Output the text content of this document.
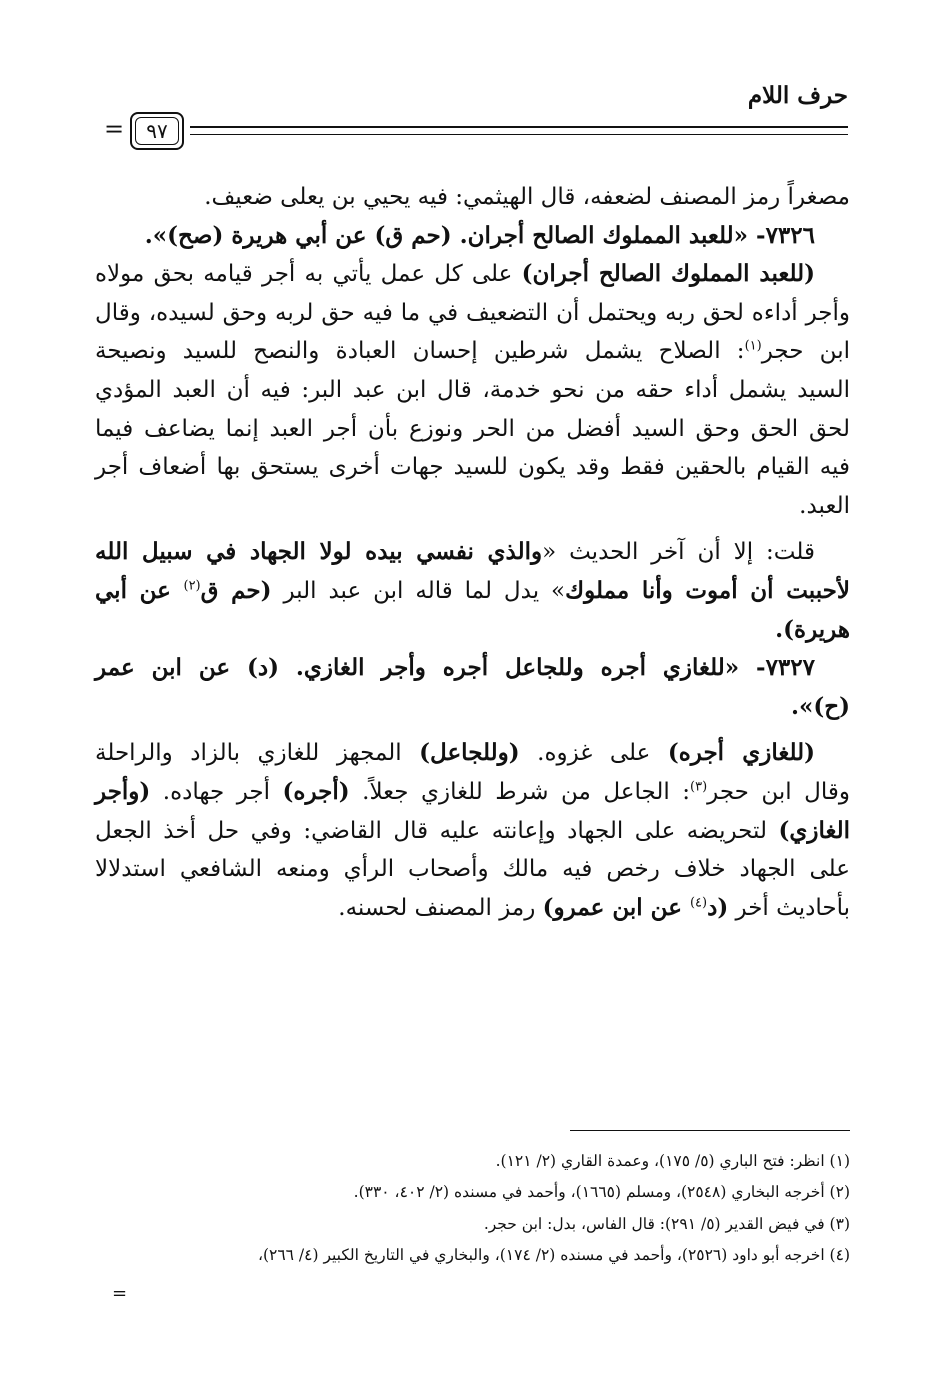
حرف اللام
٩٧
=
مصغراً رمز المصنف لضعفه، قال الهيثمي: فيه يحيي بن يعلى ضعيف.
٧٣٢٦- «للعبد المملوك الصالح أجران. (حم ق) عن أبي هريرة (صح)».
(للعبد المملوك الصالح أجران) على كل عمل يأتي به أجر قيامه بحق مولاه
وأجر أداءه لحق ربه ويحتمل أن التضعيف في ما فيه حق لربه وحق لسيده، وقال
ابن حجر$^{(١)}$: الصلاح يشمل شرطين إحسان العبادة والنصح للسيد ونصيحة
السيد يشمل أداء حقه من نحو خدمة، قال ابن عبد البر: فيه أن العبد المؤدي
لحق الحق وحق السيد أفضل من الحر ونوزع بأن أجر العبد إنما يضاعف فيما
فيه القيام بالحقين فقط وقد يكون للسيد جهات أخرى يستحق بها أضعاف أجر
العبد.
قلت: إلا أن آخر الحديث «والذي نفسي بيده لولا الجهاد في سبيل الله
لأحببت أن أموت وأنا مملوك» يدل لما قاله ابن عبد البر (حم ق$^{(٢)}$ عن أبي
هريرة).
٧٣٢٧- «للغازي أجره وللجاعل أجره وأجر الغازي. (د) عن ابن عمر
(ح)».
(للغازي أجره) على غزوه. (وللجاعل) المجهز للغازي بالزاد والراحلة
وقال ابن حجر$^{(٣)}$: الجاعل من شرط للغازي جعلاً. (أجره) أجر جهاده. (وأجر
الغازي) لتحريضه على الجهاد وإعانته عليه قال القاضي: وفي حل أخذ الجعل
على الجهاد خلاف رخص فيه مالك وأصحاب الرأي ومنعه الشافعي استدلالا
بأحاديث أخر (د$^{(٤)}$ عن ابن عمرو) رمز المصنف لحسنه.
(١) انظر: فتح الباري (٥/ ١٧٥)، وعمدة القاري (٢/ ١٢١).
(٢) أخرجه البخاري (٢٥٤٨)، ومسلم (١٦٦٥)، وأحمد في مسنده (٢/ ٤٠٢، ٣٣٠).
(٣) في فيض القدير (٥/ ٢٩١): قال الفاس، بدل: ابن حجر.
(٤) اخرجه أبو داود (٢٥٢٦)، وأحمد في مسنده (٢/ ١٧٤)، والبخاري في التاريخ الكبير (٤/ ٢٦٦)،
=
